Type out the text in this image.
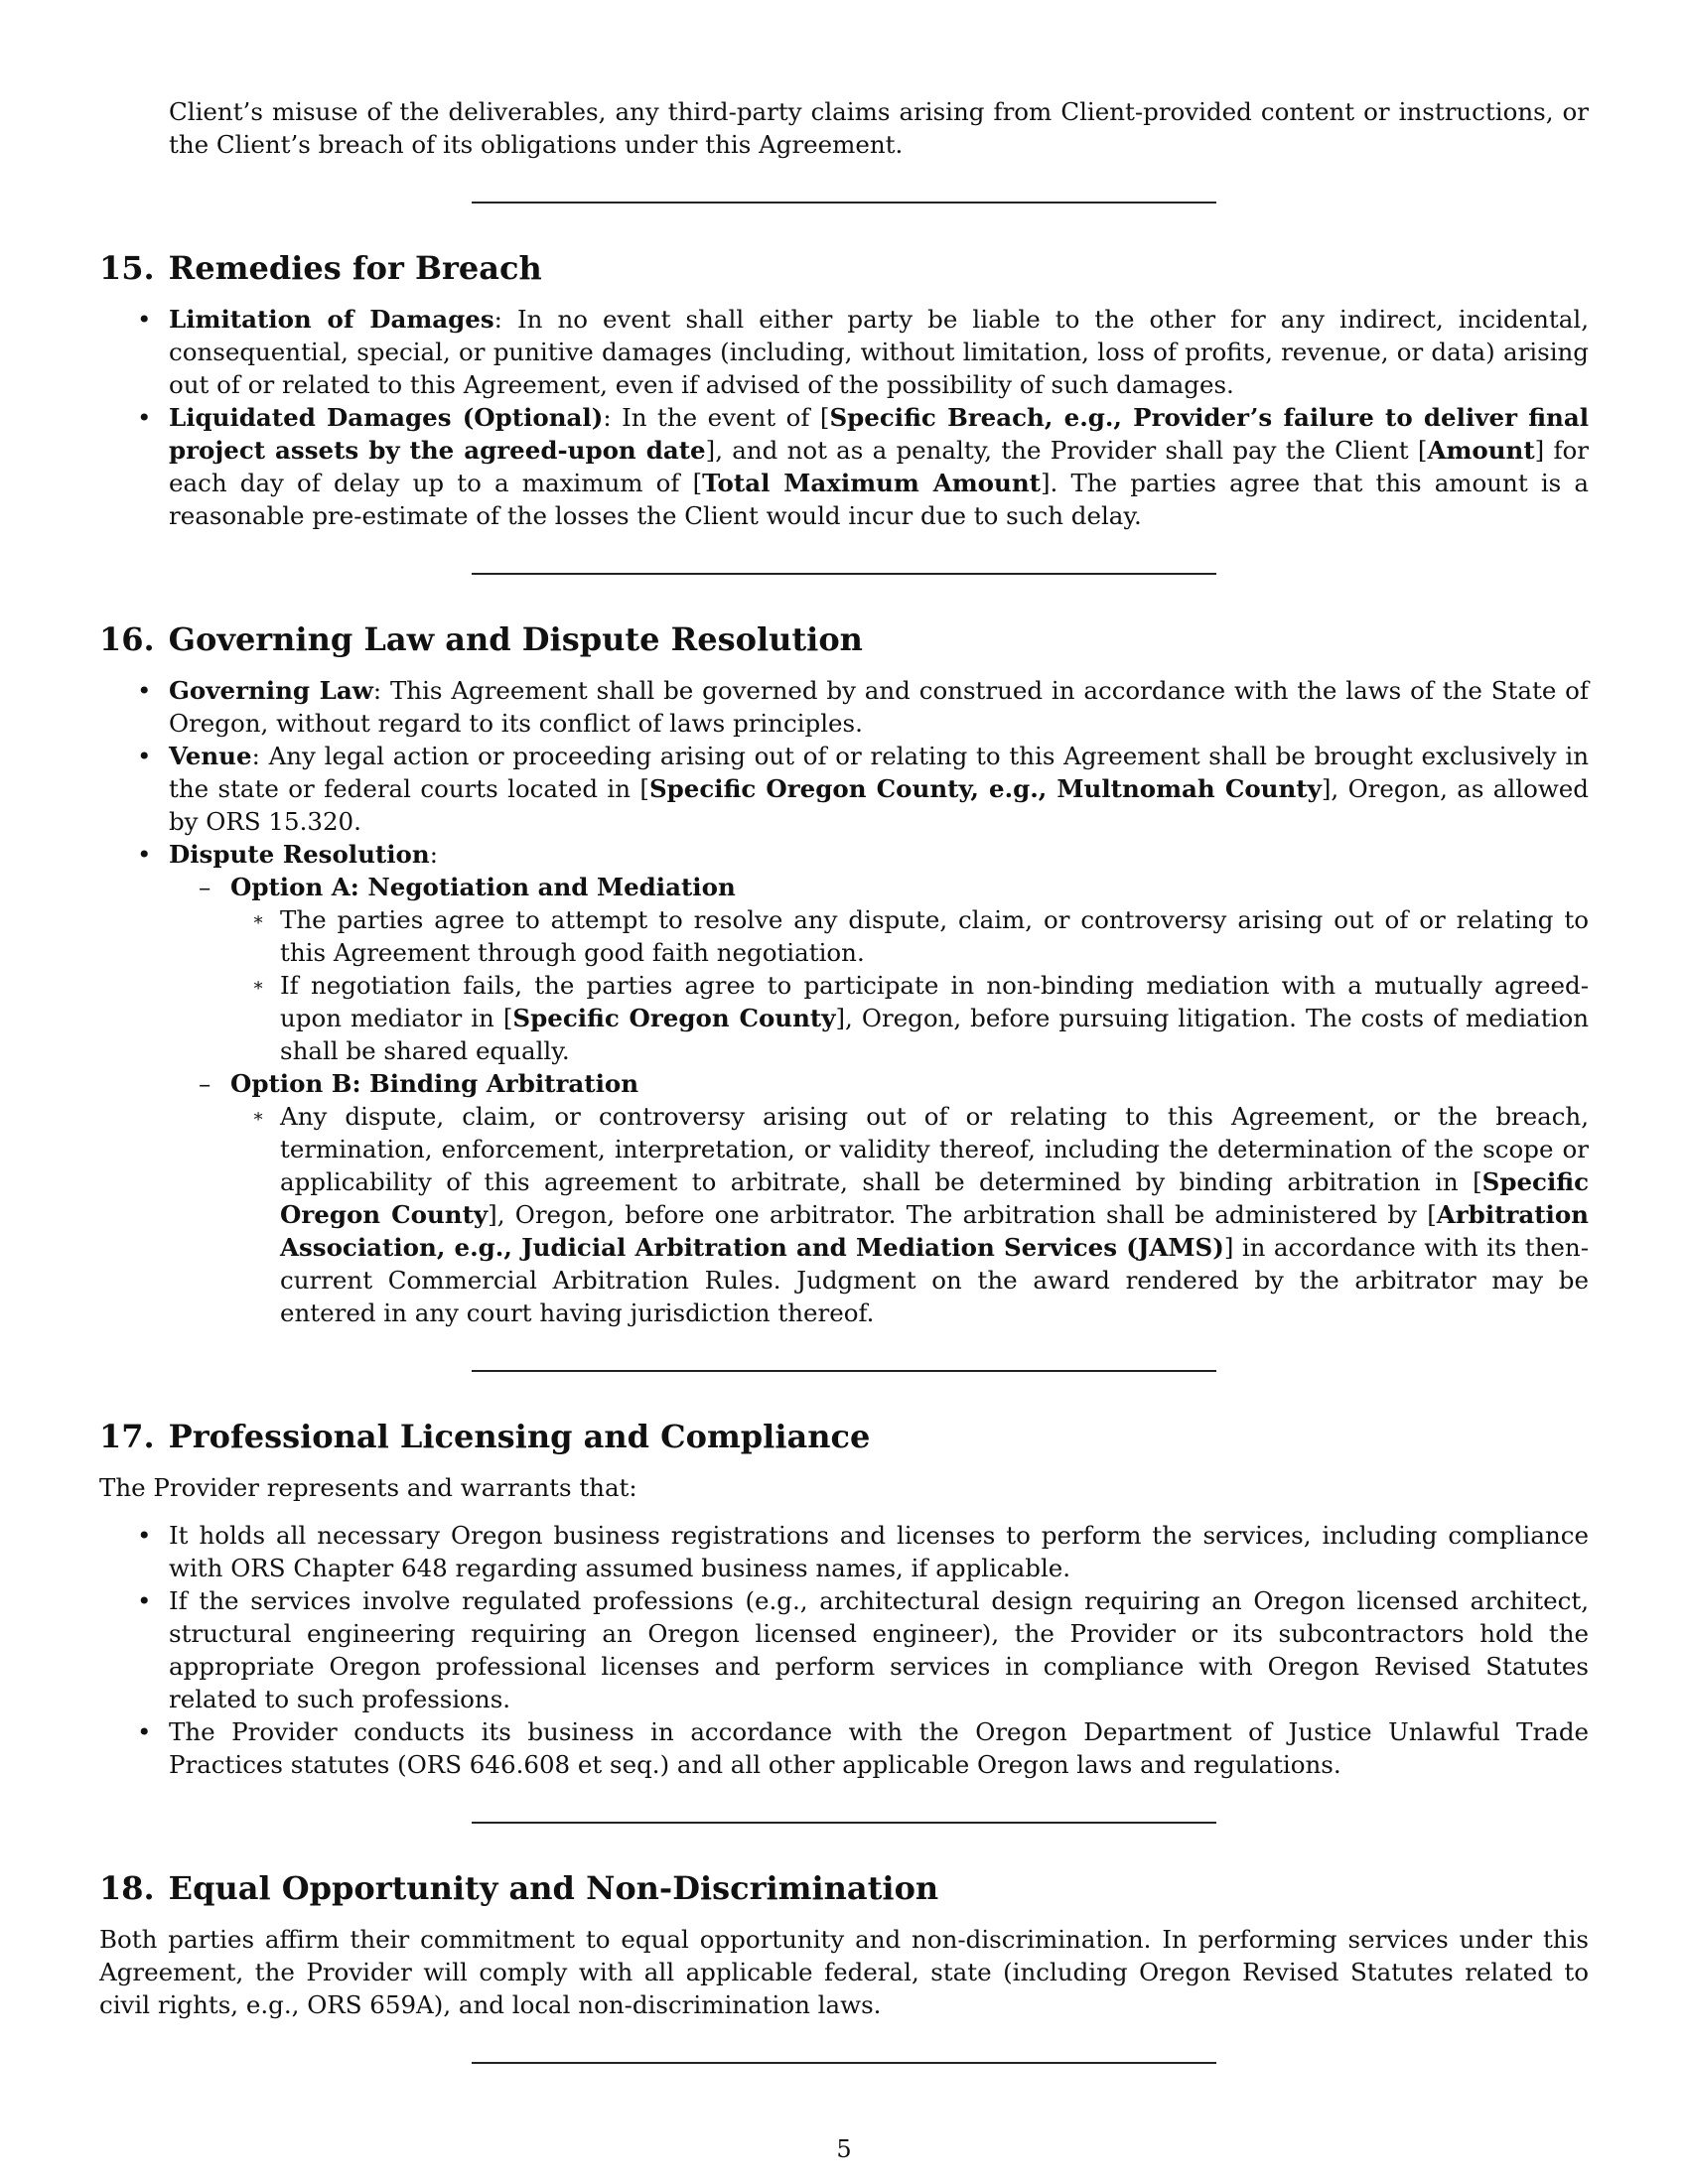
Client’s misuse of the deliverables, any third-party claims arising from Client-provided content or instructions, or the Client’s breach of its obligations under this Agreement.

15. Remedies for Breach
• Limitation of Damages: In no event shall either party be liable to the other for any indirect, incidental, consequential, special, or punitive damages (including, without limitation, loss of profits, revenue, or data) arising out of or related to this Agreement, even if advised of the possibility of such damages.
• Liquidated Damages (Optional): In the event of [Specific Breach, e.g., Provider’s failure to deliver final project assets by the agreed-upon date], and not as a penalty, the Provider shall pay the Client [Amount] for each day of delay up to a maximum of [Total Maximum Amount]. The parties agree that this amount is a reasonable pre-estimate of the losses the Client would incur due to such delay.
16. Governing Law and Dispute Resolution
• Governing Law: This Agreement shall be governed by and construed in accordance with the laws of the State of Oregon, without regard to its conflict of laws principles.
• Venue: Any legal action or proceeding arising out of or relating to this Agreement shall be brought exclusively in the state or federal courts located in [Specific Oregon County, e.g., Multnomah County], Oregon, as allowed by ORS 15.320.
• Dispute Resolution:
– Option A: Negotiation and Mediation
∗ The parties agree to attempt to resolve any dispute, claim, or controversy arising out of or relating to this Agreement through good faith negotiation.
∗ If negotiation fails, the parties agree to participate in non-binding mediation with a mutually agreed-upon mediator in [Specific Oregon County], Oregon, before pursuing litigation. The costs of mediation shall be shared equally.
– Option B: Binding Arbitration
∗ Any dispute, claim, or controversy arising out of or relating to this Agreement, or the breach, termination, enforcement, interpretation, or validity thereof, including the determination of the scope or applicability of this agreement to arbitrate, shall be determined by binding arbitration in [Specific Oregon County], Oregon, before one arbitrator. The arbitration shall be administered by [Arbitration Association, e.g., Judicial Arbitration and Mediation Services (JAMS)] in accordance with its then-current Commercial Arbitration Rules. Judgment on the award rendered by the arbitrator may be entered in any court having jurisdiction thereof.
17. Professional Licensing and Compliance

The Provider represents and warrants that:

• It holds all necessary Oregon business registrations and licenses to perform the services, including compliance with ORS Chapter 648 regarding assumed business names, if applicable.
• If the services involve regulated professions (e.g., architectural design requiring an Oregon licensed architect, structural engineering requiring an Oregon licensed engineer), the Provider or its subcontractors hold the appropriate Oregon professional licenses and perform services in compliance with Oregon Revised Statutes related to such professions.
• The Provider conducts its business in accordance with the Oregon Department of Justice Unlawful Trade Practices statutes (ORS 646.608 et seq.) and all other applicable Oregon laws and regulations.
18. Equal Opportunity and Non-Discrimination

Both parties affirm their commitment to equal opportunity and non-discrimination. In performing services under this Agreement, the Provider will comply with all applicable federal, state (including Oregon Revised Statutes related to civil rights, e.g., ORS 659A), and local non-discrimination laws.

5
